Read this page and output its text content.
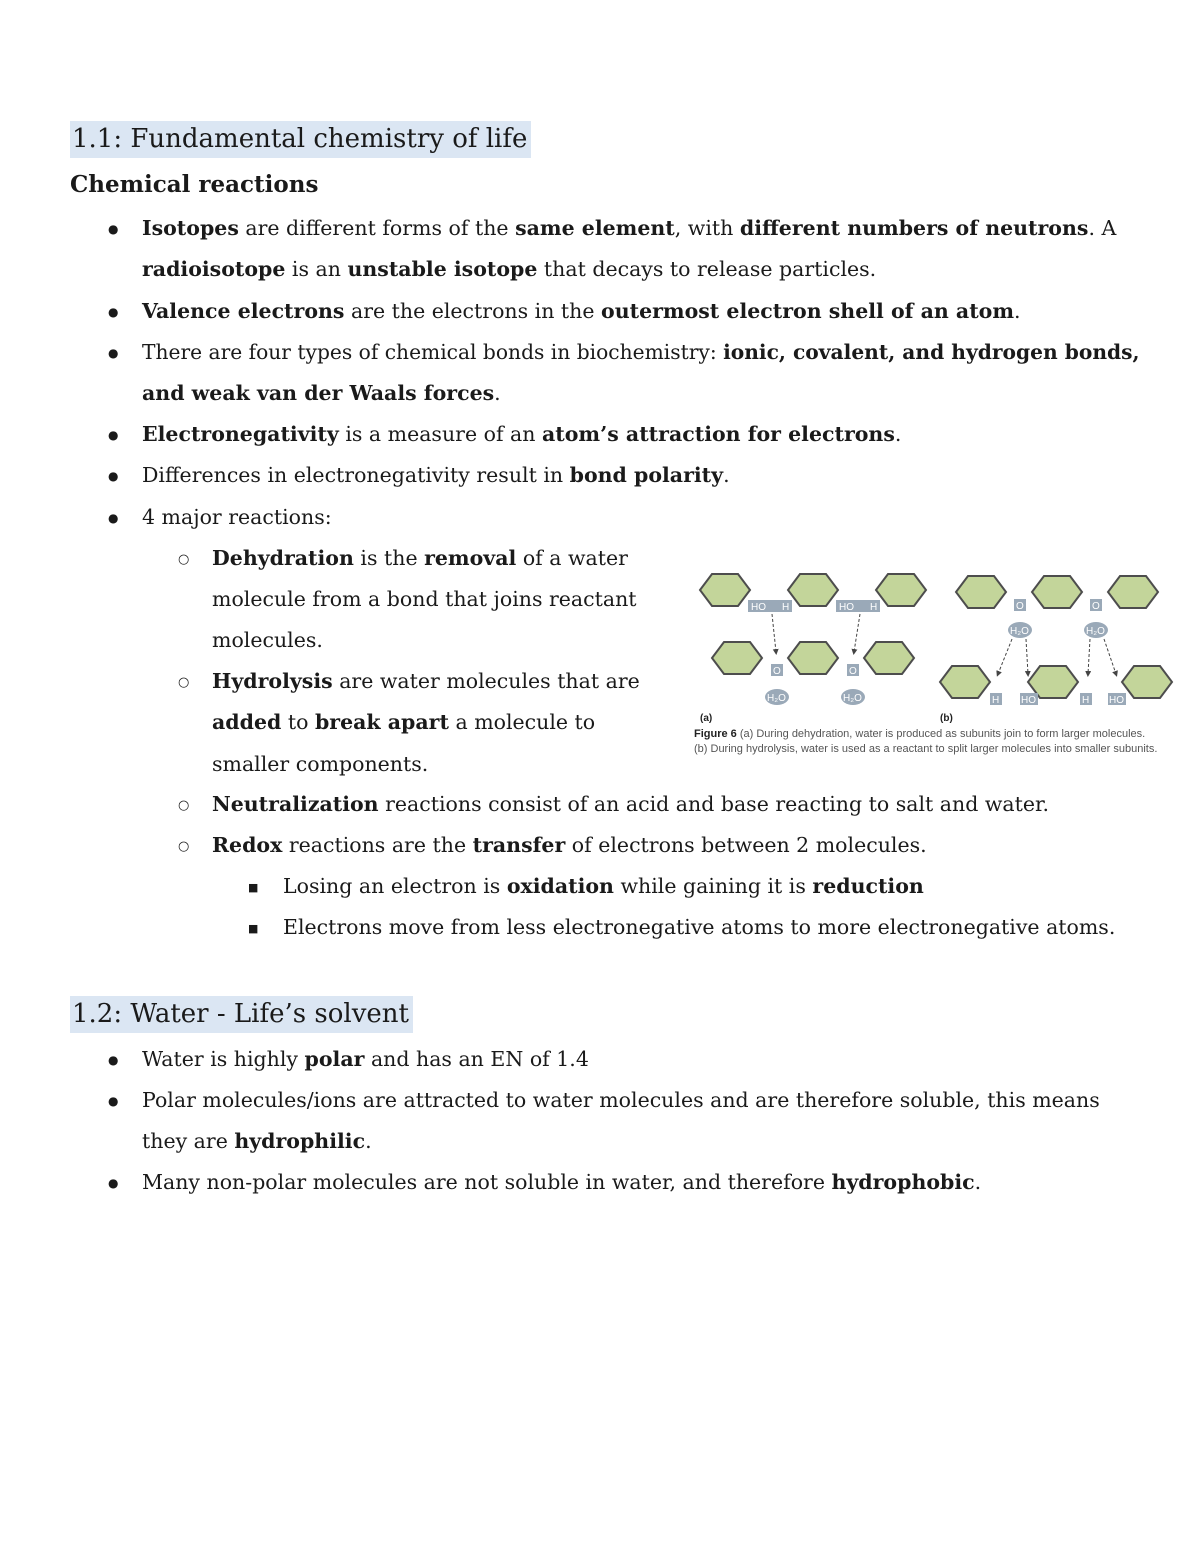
1.1: Fundamental chemistry of life
Chemical reactions
●
Isotopes are different forms of the same element, with different numbers of neutrons. A
radioisotope is an unstable isotope that decays to release particles.
●
Valence electrons are the electrons in the outermost electron shell of an atom.
●
There are four types of chemical bonds in biochemistry: ionic, covalent, and hydrogen bonds,
and weak van der Waals forces.
●
Electronegativity is a measure of an atom’s attraction for electrons.
●
Differences in electronegativity result in bond polarity.
●
4 major reactions:
○
Dehydration is the removal of a water
molecule from a bond that joins reactant
molecules.
○
Hydrolysis are water molecules that are
added to break apart a molecule to
smaller components.
○
Neutralization reactions consist of an acid and base reacting to salt and water.
○
Redox reactions are the transfer of electrons between 2 molecules.
■
Losing an electron is oxidation while gaining it is reduction
■
Electrons move from less electronegative atoms to more electronegative atoms.
HO H	HO H
O	O
H₂O	H₂O
O	O
H₂O	H₂O
H HO	H HO
(a)	(b)
Figure 6 (a) During dehydration, water is produced as subunits join to form larger molecules.
(b) During hydrolysis, water is used as a reactant to split larger molecules into smaller subunits.
1.2: Water - Life’s solvent
●
Water is highly polar and has an EN of 1.4
●
Polar molecules/ions are attracted to water molecules and are therefore soluble, this means
they are hydrophilic.
●
Many non-polar molecules are not soluble in water, and therefore hydrophobic.
